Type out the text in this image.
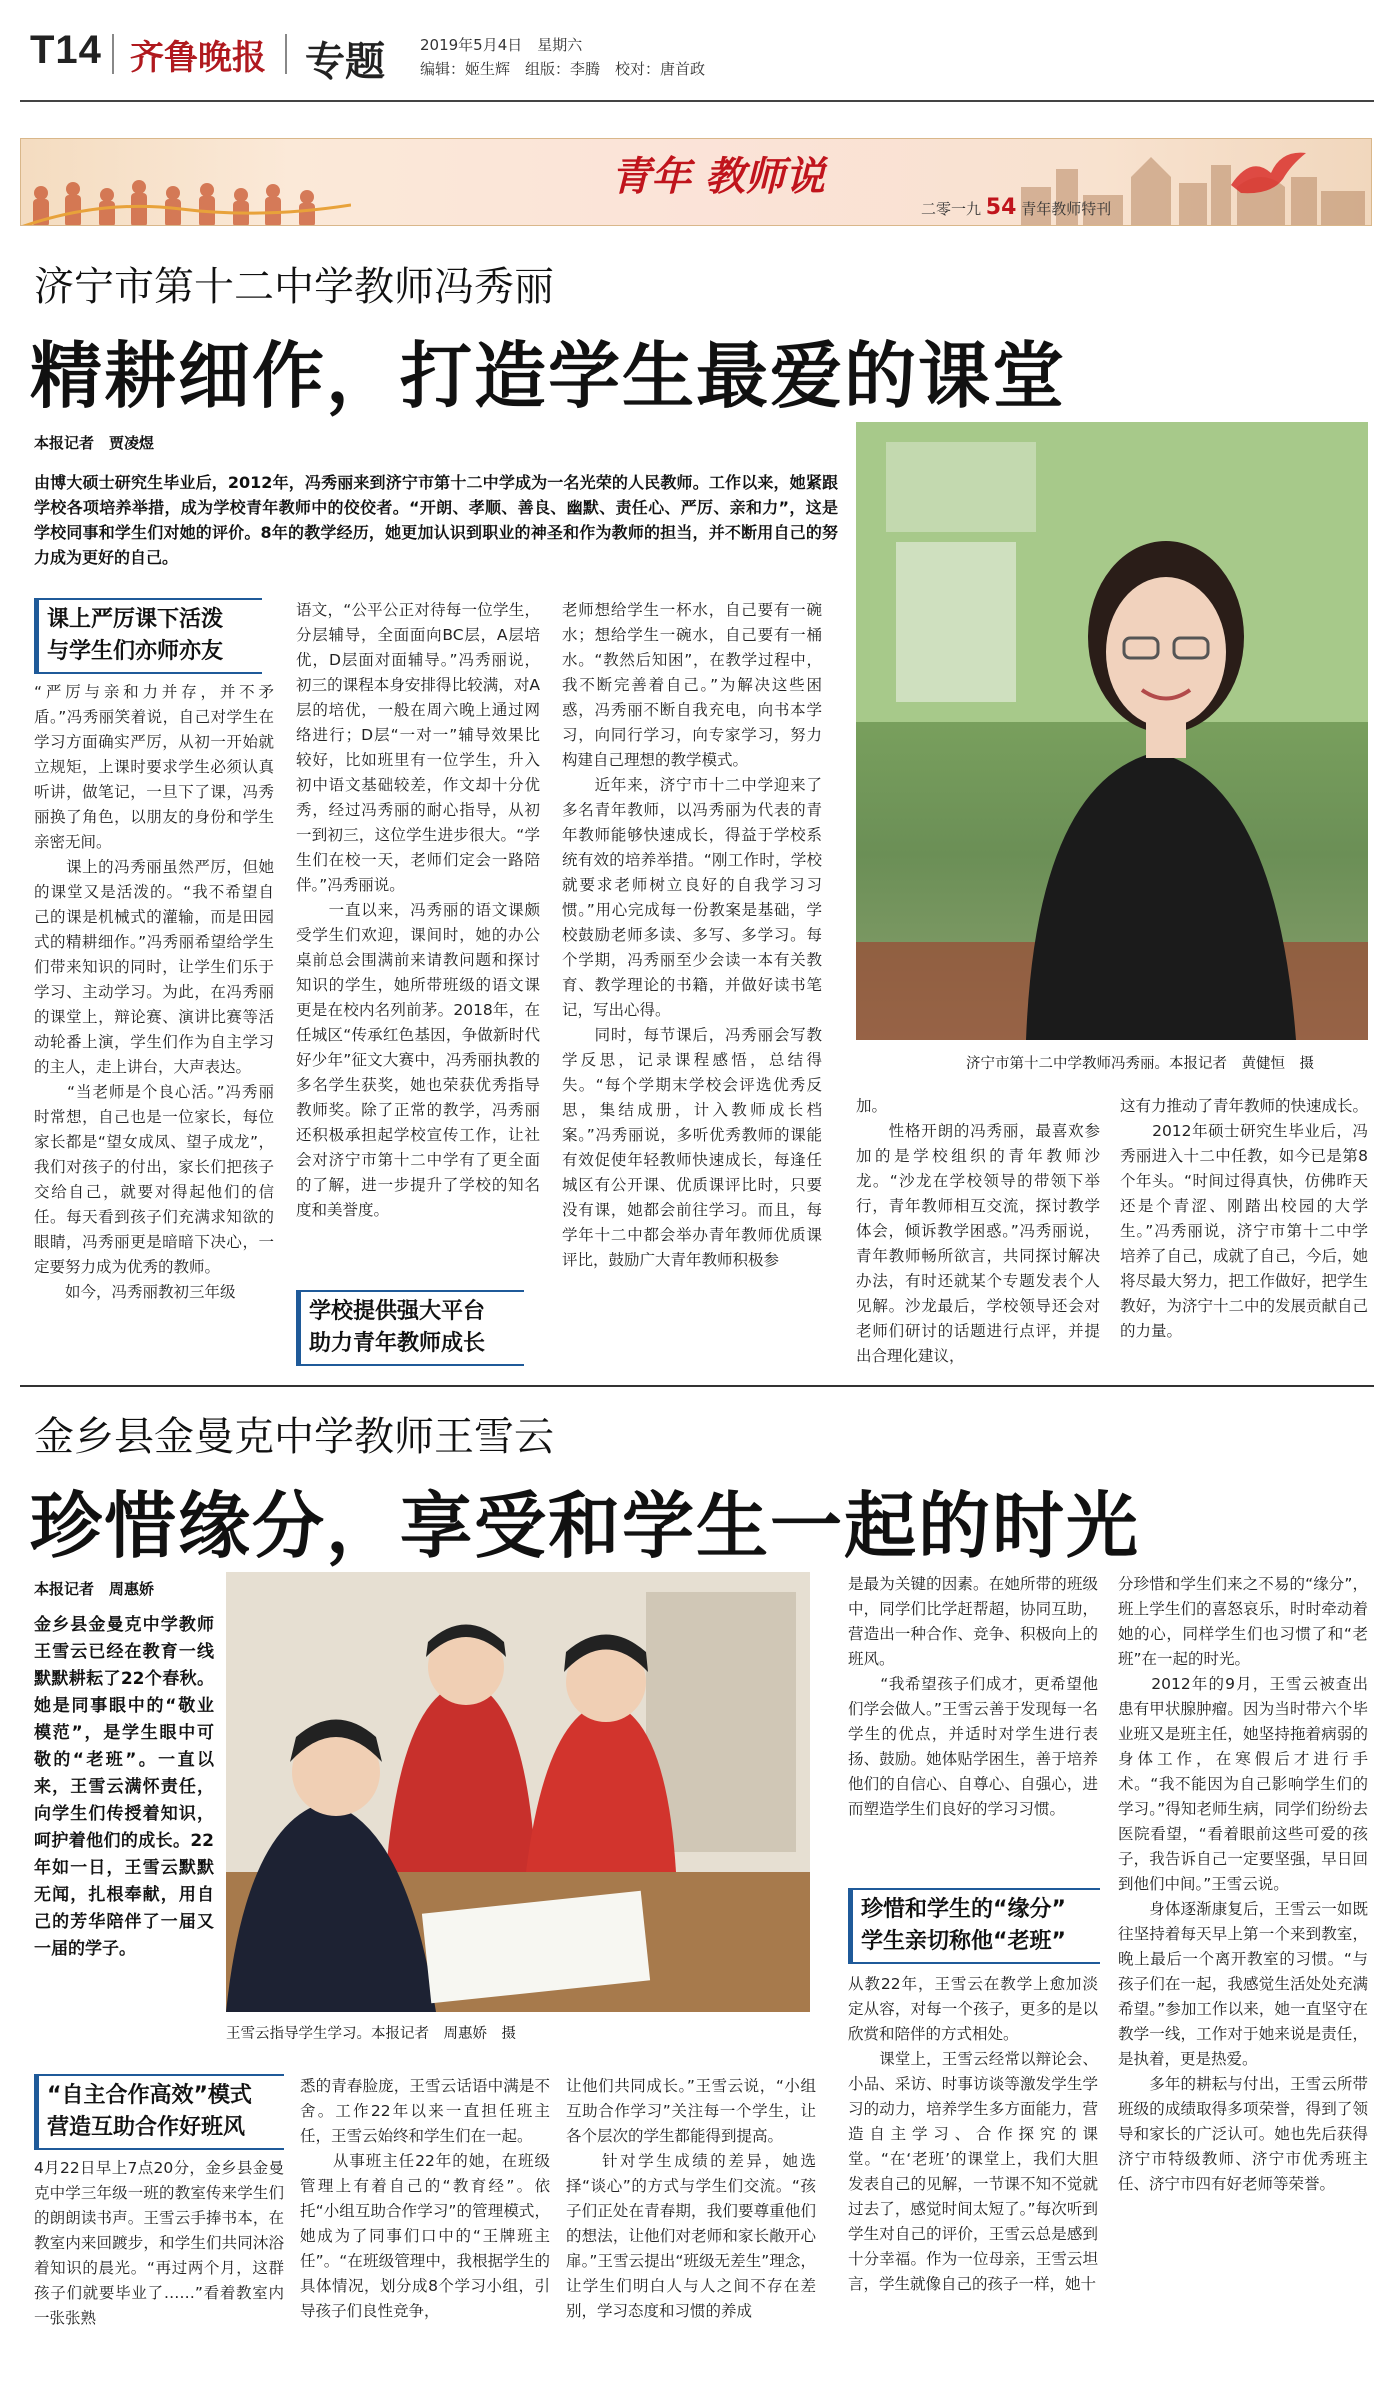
T14 齐鲁晚报 专题 2019年5月4日　星期六
编辑：姬生辉　组版：李腾　校对：唐首政
青年 教师说
二零一九 54 青年教师特刊
济宁市第十二中学教师冯秀丽
精耕细作，打造学生最爱的课堂
本报记者　贾凌煜
由博大硕士研究生毕业后，2012年，冯秀丽来到济宁市第十二中学成为一名光荣的人民教师。工作以来，她紧跟学校各项培养举措，成为学校青年教师中的佼佼者。“开朗、孝顺、善良、幽默、责任心、严厉、亲和力”，这是学校同事和学生们对她的评价。8年的教学经历，她更加认识到职业的神圣和作为教师的担当，并不断用自己的努力成为更好的自己。
济宁市第十二中学教师冯秀丽。本报记者　黄健恒　摄
课上严厉课下活泼
与学生们亦师亦友
“严厉与亲和力并存，并不矛盾。”冯秀丽笑着说，自己对学生在学习方面确实严厉，从初一开始就立规矩，上课时要求学生必须认真听讲，做笔记，一旦下了课，冯秀丽换了角色，以朋友的身份和学生亲密无间。
　　课上的冯秀丽虽然严厉，但她的课堂又是活泼的。“我不希望自己的课是机械式的灌输，而是田园式的精耕细作。”冯秀丽希望给学生们带来知识的同时，让学生们乐于学习、主动学习。为此，在冯秀丽的课堂上，辩论赛、演讲比赛等活动轮番上演，学生们作为自主学习的主人，走上讲台，大声表达。
　　“当老师是个良心活。”冯秀丽时常想，自己也是一位家长，每位家长都是“望女成凤、望子成龙”，我们对孩子的付出，家长们把孩子交给自己，就要对得起他们的信任。每天看到孩子们充满求知欲的眼睛，冯秀丽更是暗暗下决心，一定要努力成为优秀的教师。
　　如今，冯秀丽教初三年级
语文，“公平公正对待每一位学生，分层辅导，全面面向BC层，A层培优，D层面对面辅导。”冯秀丽说，初三的课程本身安排得比较满，对A层的培优，一般在周六晚上通过网络进行；D层“一对一”辅导效果比较好，比如班里有一位学生，升入初中语文基础较差，作文却十分优秀，经过冯秀丽的耐心指导，从初一到初三，这位学生进步很大。“学生们在校一天，老师们定会一路陪伴。”冯秀丽说。
　　一直以来，冯秀丽的语文课颇受学生们欢迎，课间时，她的办公桌前总会围满前来请教问题和探讨知识的学生，她所带班级的语文课更是在校内名列前茅。2018年，在任城区“传承红色基因，争做新时代好少年”征文大赛中，冯秀丽执教的多名学生获奖，她也荣获优秀指导教师奖。除了正常的教学，冯秀丽还积极承担起学校宣传工作，让社会对济宁市第十二中学有了更全面的了解，进一步提升了学校的知名度和美誉度。
学校提供强大平台
助力青年教师成长
老师想给学生一杯水，自己要有一碗水；想给学生一碗水，自己要有一桶水。“教然后知困”，在教学过程中，我不断完善着自己。”为解决这些困惑，冯秀丽不断自我充电，向书本学习，向同行学习，向专家学习，努力构建自己理想的教学模式。
　　近年来，济宁市十二中学迎来了多名青年教师，以冯秀丽为代表的青年教师能够快速成长，得益于学校系统有效的培养举措。“刚工作时，学校就要求老师树立良好的自我学习习惯。”用心完成每一份教案是基础，学校鼓励老师多读、多写、多学习。每个学期，冯秀丽至少会读一本有关教育、教学理论的书籍，并做好读书笔记，写出心得。
　　同时，每节课后，冯秀丽会写教学反思，记录课程感悟，总结得失。“每个学期末学校会评选优秀反思，集结成册，计入教师成长档案。”冯秀丽说，多听优秀教师的课能有效促使年轻教师快速成长，每逢任城区有公开课、优质课评比时，只要没有课，她都会前往学习。而且，每学年十二中都会举办青年教师优质课评比，鼓励广大青年教师积极参
加。
　　性格开朗的冯秀丽，最喜欢参加的是学校组织的青年教师沙龙。“沙龙在学校领导的带领下举行，青年教师相互交流，探讨教学体会，倾诉教学困惑。”冯秀丽说，青年教师畅所欲言，共同探讨解决办法，有时还就某个专题发表个人见解。沙龙最后，学校领导还会对老师们研讨的话题进行点评，并提出合理化建议，
这有力推动了青年教师的快速成长。
　　2012年硕士研究生毕业后，冯秀丽进入十二中任教，如今已是第8个年头。“时间过得真快，仿佛昨天还是个青涩、刚踏出校园的大学生。”冯秀丽说，济宁市第十二中学培养了自己，成就了自己，今后，她将尽最大努力，把工作做好，把学生教好，为济宁十二中的发展贡献自己的力量。
金乡县金曼克中学教师王雪云
珍惜缘分，享受和学生一起的时光
本报记者　周惠娇
金乡县金曼克中学教师王雪云已经在教育一线默默耕耘了22个春秋。她是同事眼中的“敬业模范”，是学生眼中可敬的“老班”。一直以来，王雪云满怀责任，向学生们传授着知识，呵护着他们的成长。22年如一日，王雪云默默无闻，扎根奉献，用自己的芳华陪伴了一届又一届的学子。
王雪云指导学生学习。本报记者　周惠娇　摄
“自主合作高效”模式
营造互助合作好班风
4月22日早上7点20分，金乡县金曼克中学三年级一班的教室传来学生们的朗朗读书声。王雪云手捧书本，在教室内来回踱步，和学生们共同沐浴着知识的晨光。“再过两个月，这群孩子们就要毕业了……”看着教室内一张张熟
悉的青春脸庞，王雪云话语中满是不舍。工作22年以来一直担任班主任，王雪云始终和学生们在一起。
　　从事班主任22年的她，在班级管理上有着自己的“教育经”。依托“小组互助合作学习”的管理模式，她成为了同事们口中的“王牌班主任”。“在班级管理中，我根据学生的具体情况，划分成8个学习小组，引导孩子们良性竞争，
让他们共同成长。”王雪云说，“小组互助合作学习”关注每一个学生，让各个层次的学生都能得到提高。
　　针对学生成绩的差异，她选择“谈心”的方式与学生们交流。“孩子们正处在青春期，我们要尊重他们的想法，让他们对老师和家长敞开心扉。”王雪云提出“班级无差生”理念，让学生们明白人与人之间不存在差别，学习态度和习惯的养成
是最为关键的因素。在她所带的班级中，同学们比学赶帮超，协同互助，营造出一种合作、竞争、积极向上的班风。
　　“我希望孩子们成才，更希望他们学会做人。”王雪云善于发现每一名学生的优点，并适时对学生进行表扬、鼓励。她体贴学困生，善于培养他们的自信心、自尊心、自强心，进而塑造学生们良好的学习习惯。
珍惜和学生的“缘分”
学生亲切称他“老班”
从教22年，王雪云在教学上愈加淡定从容，对每一个孩子，更多的是以欣赏和陪伴的方式相处。
　　课堂上，王雪云经常以辩论会、小品、采访、时事访谈等激发学生学习的动力，培养学生多方面能力，营造自主学习、合作探究的课堂。“在‘老班’的课堂上，我们大胆发表自己的见解，一节课不知不觉就过去了，感觉时间太短了。”每次听到学生对自己的评价，王雪云总是感到十分幸福。作为一位母亲，王雪云坦言，学生就像自己的孩子一样，她十
分珍惜和学生们来之不易的“缘分”，班上学生们的喜怒哀乐，时时牵动着她的心，同样学生们也习惯了和“老班”在一起的时光。
　　2012年的9月，王雪云被查出患有甲状腺肿瘤。因为当时带六个毕业班又是班主任，她坚持拖着病弱的身体工作，在寒假后才进行手术。“我不能因为自己影响学生们的学习。”得知老师生病，同学们纷纷去医院看望，“看着眼前这些可爱的孩子，我告诉自己一定要坚强，早日回到他们中间。”王雪云说。
　　身体逐渐康复后，王雪云一如既往坚持着每天早上第一个来到教室，晚上最后一个离开教室的习惯。“与孩子们在一起，我感觉生活处处充满希望。”参加工作以来，她一直坚守在教学一线，工作对于她来说是责任，是执着，更是热爱。
　　多年的耕耘与付出，王雪云所带班级的成绩取得多项荣誉，得到了领导和家长的广泛认可。她也先后获得济宁市特级教师、济宁市优秀班主任、济宁市四有好老师等荣誉。
